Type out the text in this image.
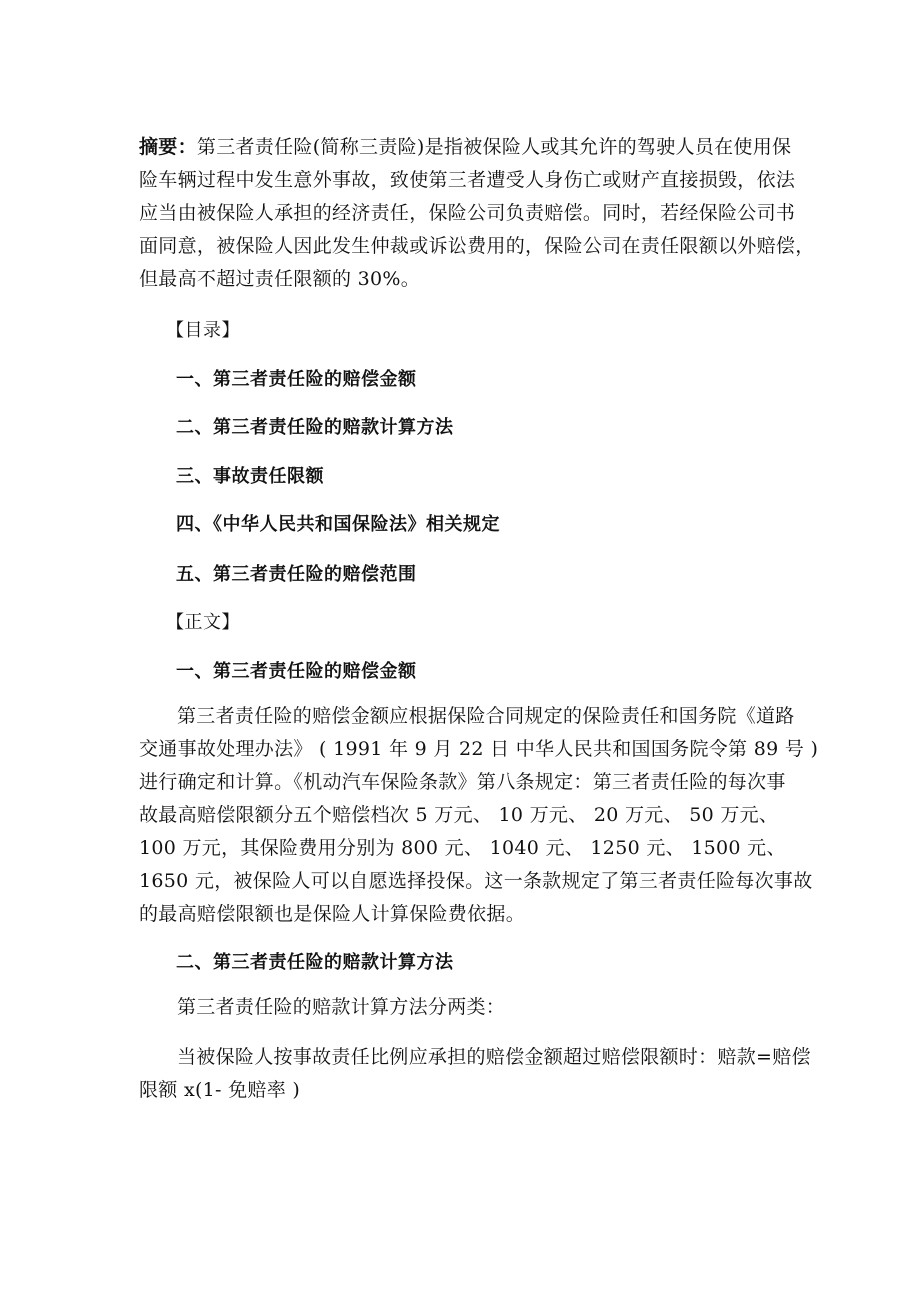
摘要：第三者责任险(简称三责险)是指被保险人或其允许的驾驶人员在使用保
险车辆过程中发生意外事故，致使第三者遭受人身伤亡或财产直接损毁，依法
应当由被保险人承担的经济责任，保险公司负责赔偿。同时，若经保险公司书
面同意，被保险人因此发生仲裁或诉讼费用的，保险公司在责任限额以外赔偿，
但最高不超过责任限额的 30%。
【目录】
一、第三者责任险的赔偿金额
二、第三者责任险的赔款计算方法
三、事故责任限额
四、《中华人民共和国保险法》相关规定
五、第三者责任险的赔偿范围
【正文】
一、第三者责任险的赔偿金额
第三者责任险的赔偿金额应根据保险合同规定的保险责任和国务院《道路
交通事故处理办法》 ( 1991 年 9 月 22 日 中华人民共和国国务院令第 89 号 )
进行确定和计算。《机动汽车保险条款》第八条规定：第三者责任险的每次事
故最高赔偿限额分五个赔偿档次 5 万元、 10 万元、 20 万元、 50 万元、
100 万元，其保险费用分别为 800 元、 1040 元、 1250 元、 1500 元、
1650 元，被保险人可以自愿选择投保。这一条款规定了第三者责任险每次事故
的最高赔偿限额也是保险人计算保险费依据。
二、第三者责任险的赔款计算方法
第三者责任险的赔款计算方法分两类：
当被保险人按事故责任比例应承担的赔偿金额超过赔偿限额时：赔款=赔偿
限额 x(1- 免赔率 )
